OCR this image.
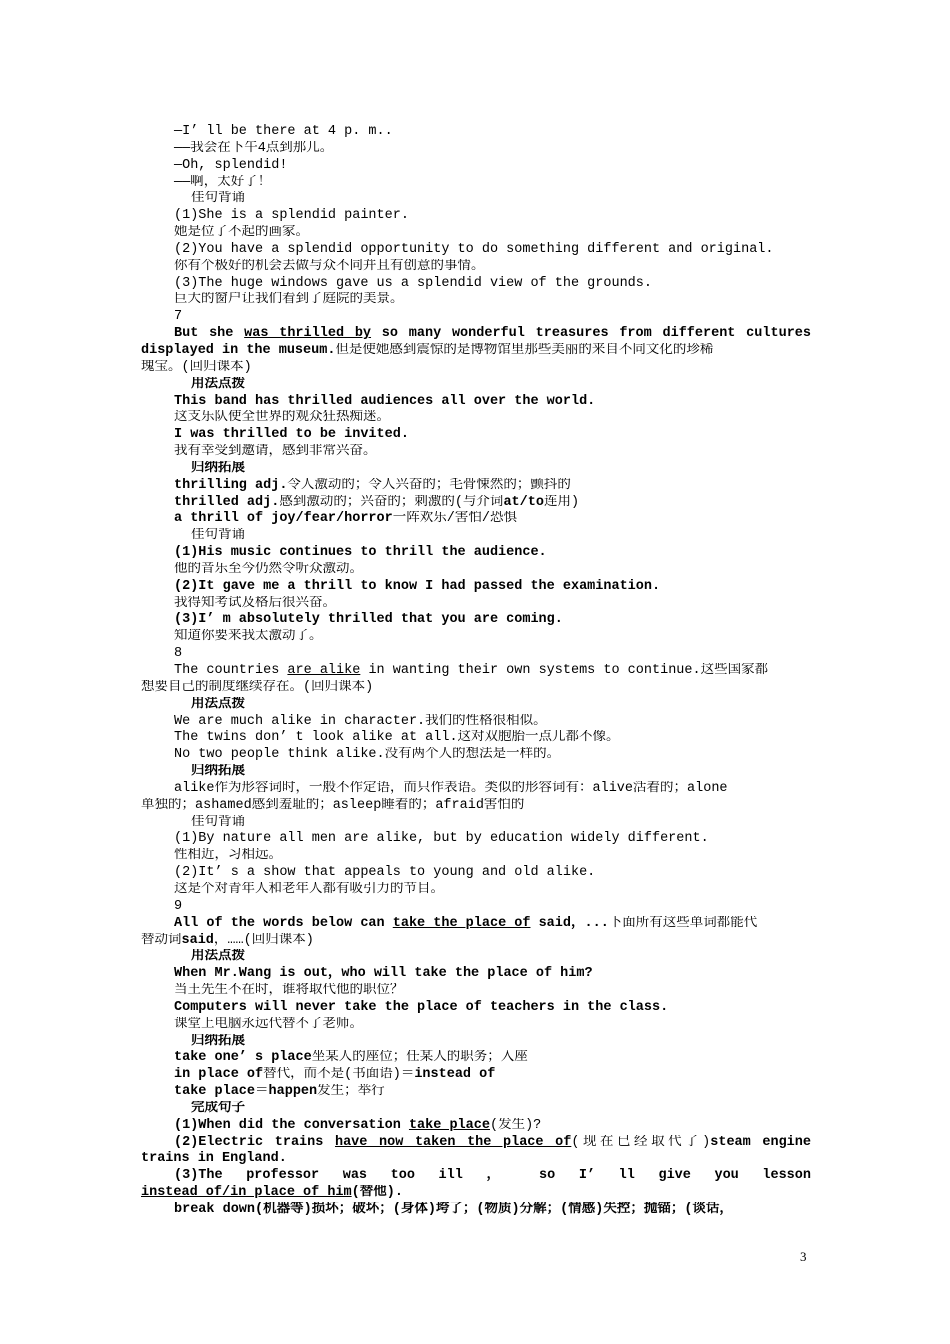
—I’ ll be there at 4 p. m..
——我会在下午4点到那儿。
—Oh, splendid!
——啊，太好了！
佳句背诵
(1)She is a splendid painter.
她是位了不起的画家。
(2)You have a splendid opportunity to do something different and original.
你有个极好的机会去做与众不同并且有创意的事情。
(3)The huge windows gave us a splendid view of the grounds.
巨大的窗户让我们看到了庭院的美景。
7
But she was thrilled by so many wonderful treasures from different cultures
displayed in the museum.但是使她感到震惊的是博物馆里那些美丽的来自不同文化的珍稀
瑰宝。(回归课本)
用法点拨
This band has thrilled audiences all over the world.
这支乐队使全世界的观众狂热痴迷。
I was thrilled to be invited.
我有幸受到邀请，感到非常兴奋。
归纳拓展
thrilling adj.令人激动的；令人兴奋的；毛骨悚然的；颤抖的
thrilled adj.感到激动的；兴奋的；刺激的(与介词at/to连用)
a thrill of joy/fear/horror一阵欢乐/害怕/恐惧
佳句背诵
(1)His music continues to thrill the audience.
他的音乐至今仍然令听众激动。
(2)It gave me a thrill to know I had passed the examination.
我得知考试及格后很兴奋。
(3)I’ m absolutely thrilled that you are coming.
知道你要来我太激动了。
8
The countries are alike in wanting their own systems to continue.这些国家都
想要自己的制度继续存在。(回归课本)
用法点拨
We are much alike in character.我们的性格很相似。
The twins don’ t look alike at all.这对双胞胎一点儿都不像。
No two people think alike.没有两个人的想法是一样的。
归纳拓展
alike作为形容词时，一般不作定语，而只作表语。类似的形容词有：alive活着的；alone
单独的；ashamed感到羞耻的；asleep睡着的；afraid害怕的
佳句背诵
(1)By nature all men are alike, but by education widely different.
性相近，习相远。
(2)It’ s a show that appeals to young and old alike.
这是个对青年人和老年人都有吸引力的节目。
9
All of the words below can take the place of said，...下面所有这些单词都能代
替动词said，……(回归课本)
用法点拨
When Mr.Wang is out，who will take the place of him?
当王先生不在时，谁将取代他的职位？
Computers will never take the place of teachers in the class.
课堂上电脑永远代替不了老师。
归纳拓展
take one’ s place坐某人的座位；任某人的职务；入座
in place of替代，而不是(书面语)＝instead of
take place＝happen发生；举行
完成句子
(1)When did the conversation take place(发生)?
(2)Electric trains have now taken the place of(现在已经取代了)steam engine
trains in England.
(3)The professor was too ill ， so I’ ll give you lesson
instead of/in place of him(替他).
break down(机器等)损坏；破坏；(身体)垮了；(物质)分解；(情感)失控；抛锚；(谈话，
3
